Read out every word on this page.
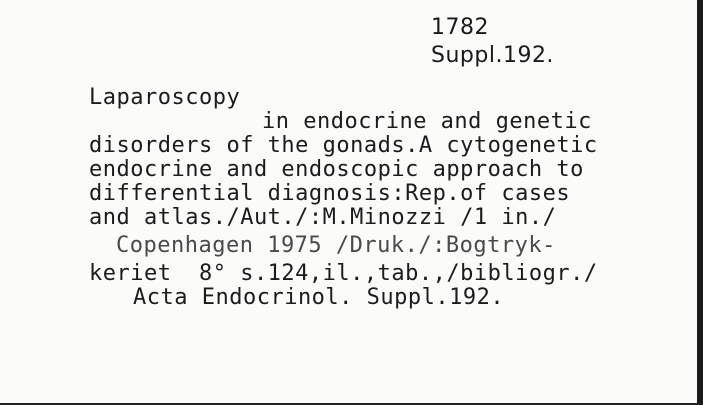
1782
Suppl.192.
Laparoscopy
in endocrine and genetic
disorders of the gonads.A cytogenetic
endocrine and endoscopic approach to
differential diagnosis:Rep.of cases
and atlas./Aut./:M.Minozzi /1 in./
Copenhagen 1975 /Druk./:Bogtryk-
keriet  8° s.124,il.,tab.,/bibliogr./
Acta Endocrinol. Suppl.192.
